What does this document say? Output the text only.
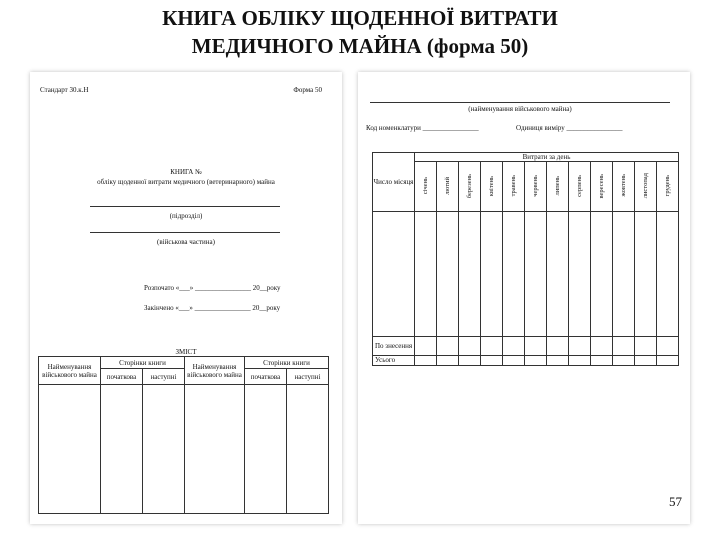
КНИГА ОБЛІКУ ЩОДЕННОЇ ВИТРАТИ
МЕДИЧНОГО МАЙНА (форма 50)
Стандарт 30.к.Н	Форма 50
КНИГА №
обліку щоденної витрати медичного (ветеринарного) майна
(підрозділ)
(військова частина)
Розпочато «___» ________________ 20__року
Закінчено «___» ________________ 20__року
ЗМІСТ
Найменування військового майна	Сторінки книги		Найменування військового майна	Сторінки книги	
	початкова	наступні		початкова	наступні

(найменування військового майна)
Код номенклатури ________________	Одиниця виміру ________________
Число місяця	Витрати за день											
	січень	лютий	березень	квітень	травень	червень	липень	серпень	вересень	жовтень	листопад	грудень

По знесення												
Усього												
57
